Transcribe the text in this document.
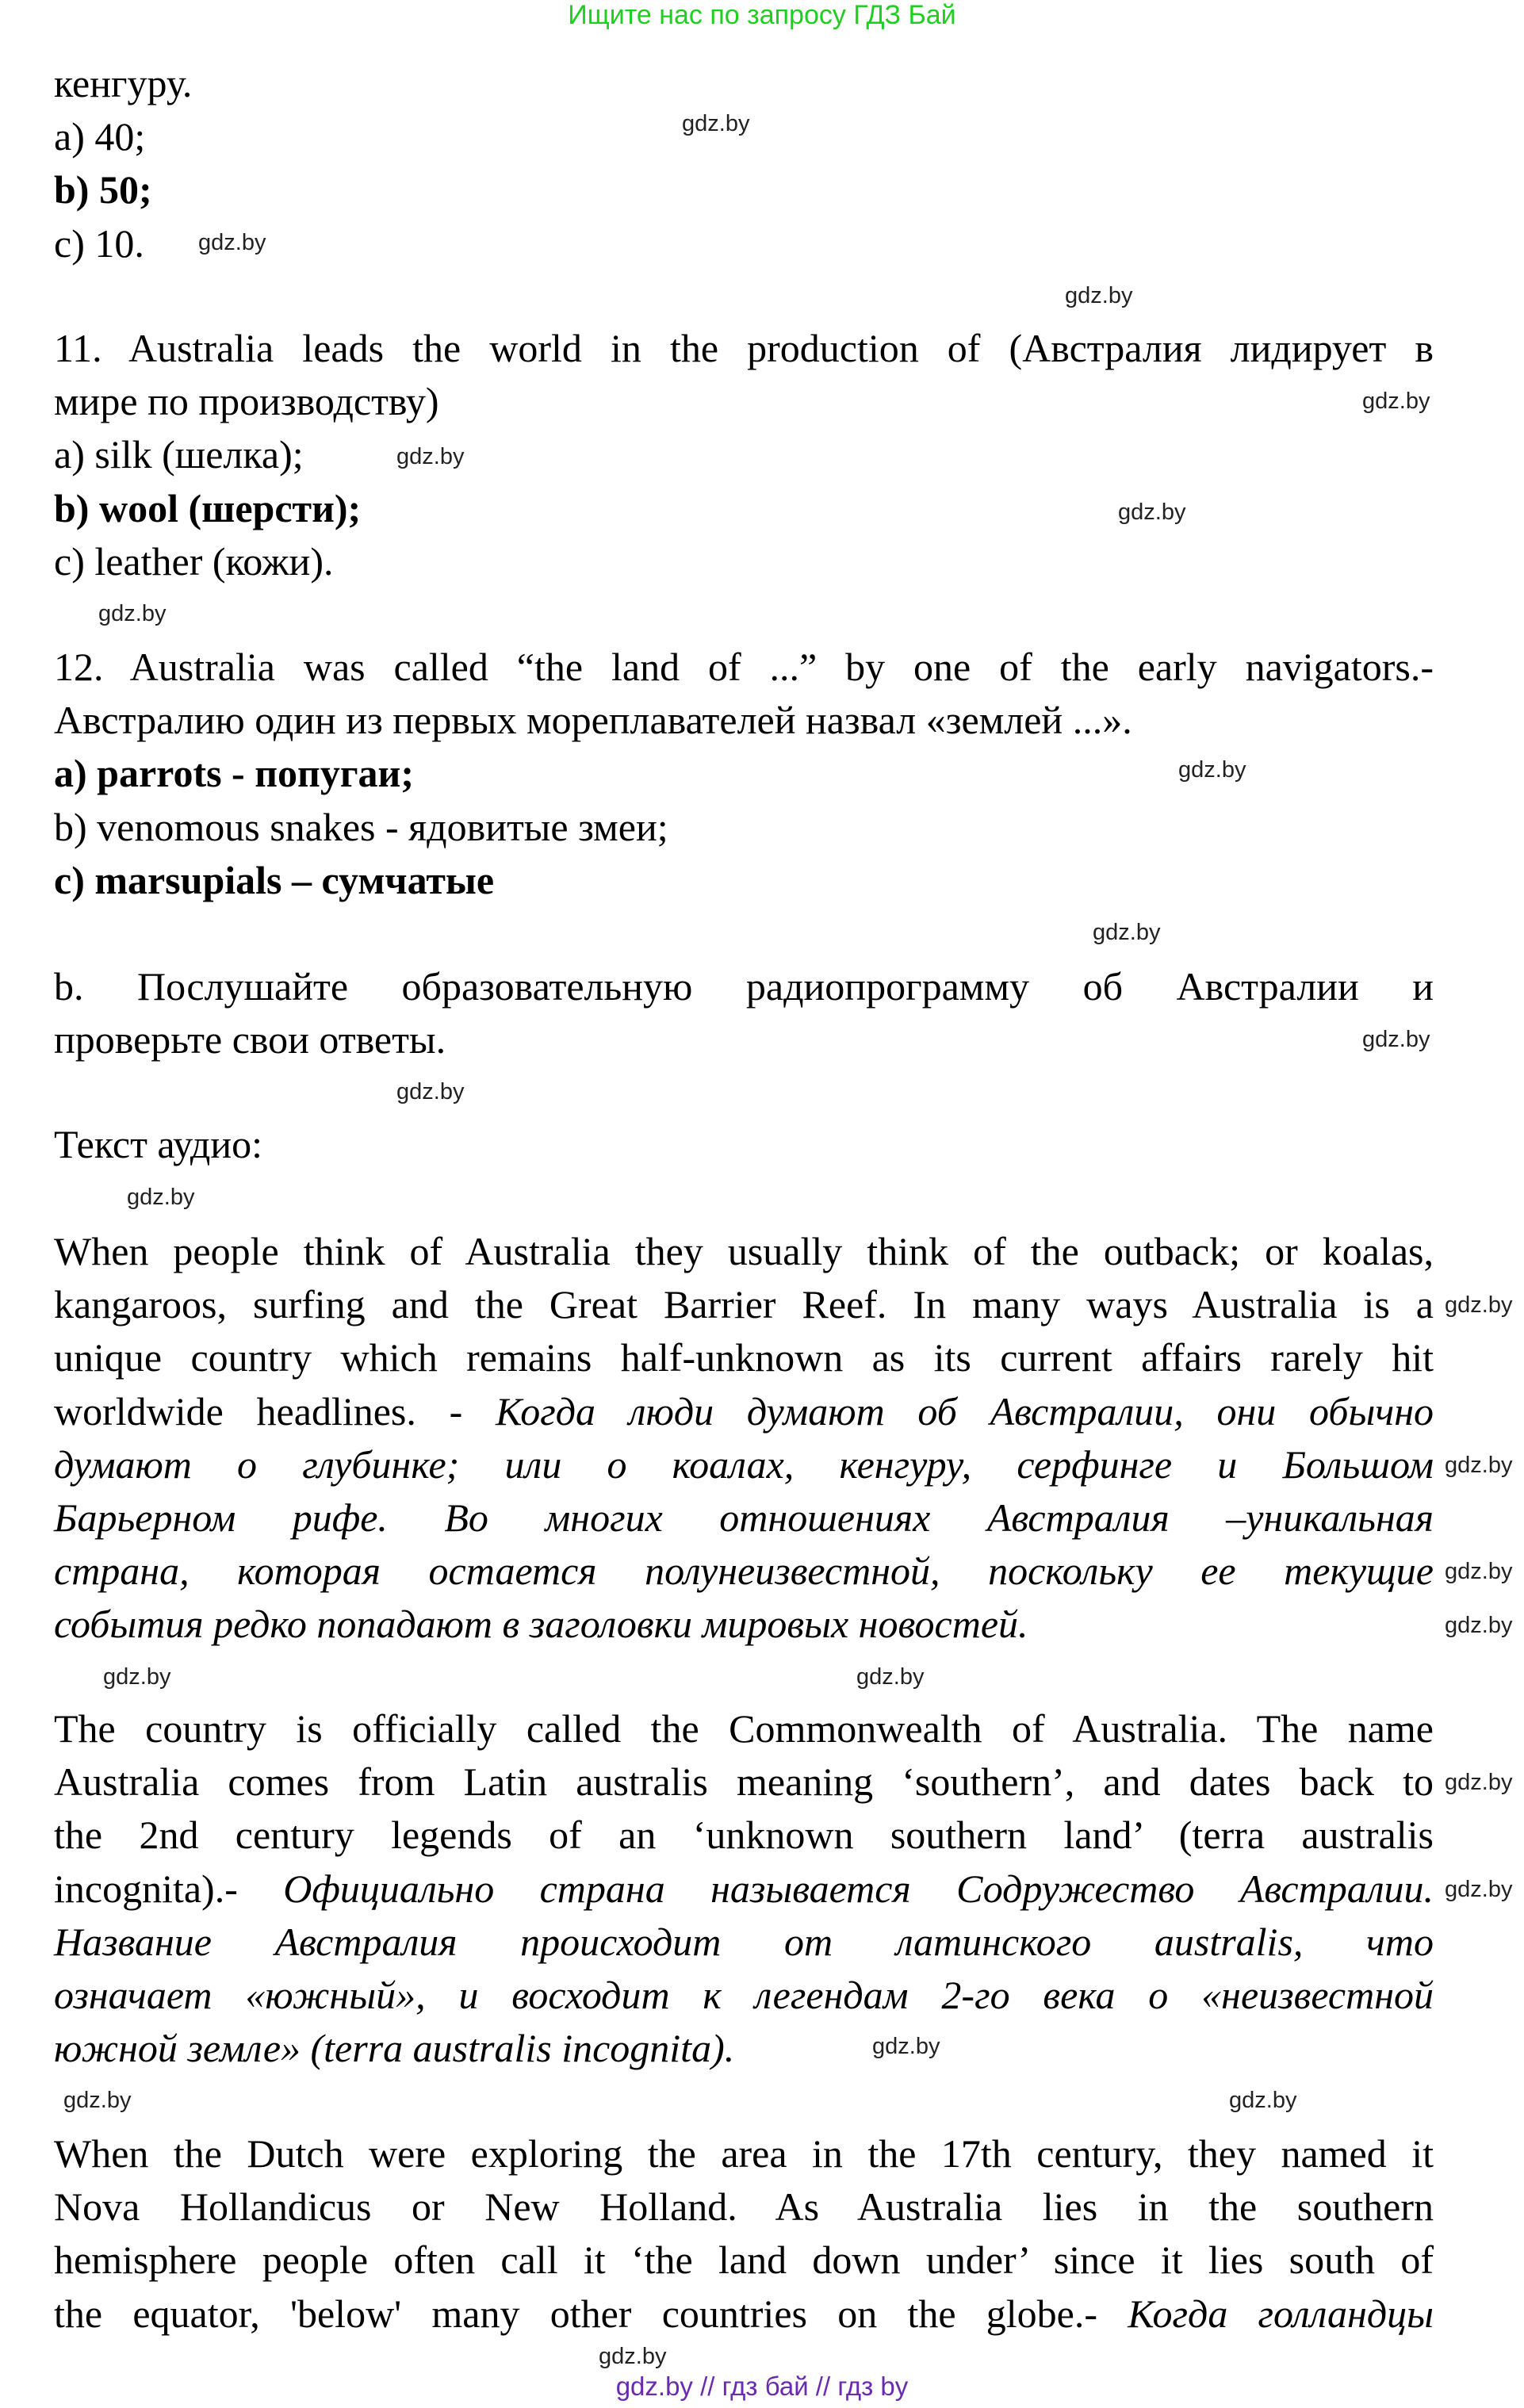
Ищите нас по запросу ГДЗ Бай
кенгуру.
a) 40;
b) 50;
c) 10.
11. Australia leads the world in the production of (Австралия лидирует в
мире по производству)
a) silk (шелка);
b) wool (шерсти);
c) leather (кожи).
12. Australia was called “the land of ...” by one of the early navigators.-
Австралию один из первых мореплавателей назвал «землей ...».
a) parrots - попугаи;
b) venomous snakes - ядовитые змеи;
c) marsupials – сумчатые
b. Послушайте образовательную радиопрограмму об Австралии и
проверьте свои ответы.
Текст аудио:
When people think of Australia they usually think of the outback; or koalas,
kangaroos, surfing and the Great Barrier Reef. In many ways Australia is a
unique country which remains half-unknown as its current affairs rarely hit
worldwide headlines. - Когда люди думают об Австралии, они обычно
думают о глубинке; или о коалах, кенгуру, серфинге и Большом
Барьерном рифе. Во многих отношениях Австралия –уникальная
страна, которая остается полунеизвестной, поскольку ее текущие
события редко попадают в заголовки мировых новостей.
The country is officially called the Commonwealth of Australia. The name
Australia comes from Latin australis meaning ‘southern’, and dates back to
the 2nd century legends of an ‘unknown southern land’ (terra australis
incognita).- Официально страна называется Содружество Австралии.
Название Австралия происходит от латинского australis, что
означает «южный», и восходит к легендам 2-го века о «неизвестной
южной земле» (terra australis incognita).
When the Dutch were exploring the area in the 17th century, they named it
Nova Hollandicus or New Holland. As Australia lies in the southern
hemisphere people often call it ‘the land down under’ since it lies south of
the equator, 'below' many other countries on the globe.- Когда голландцы
gdz.by
gdz.by
gdz.by
gdz.by
gdz.by
gdz.by
gdz.by
gdz.by
gdz.by
gdz.by
gdz.by
gdz.by
gdz.by
gdz.by
gdz.by
gdz.by
gdz.by	gdz.by
gdz.by
gdz.by
gdz.by
gdz.by
gdz.by
gdz.by
gdz.by // гдз бай // гдз by
